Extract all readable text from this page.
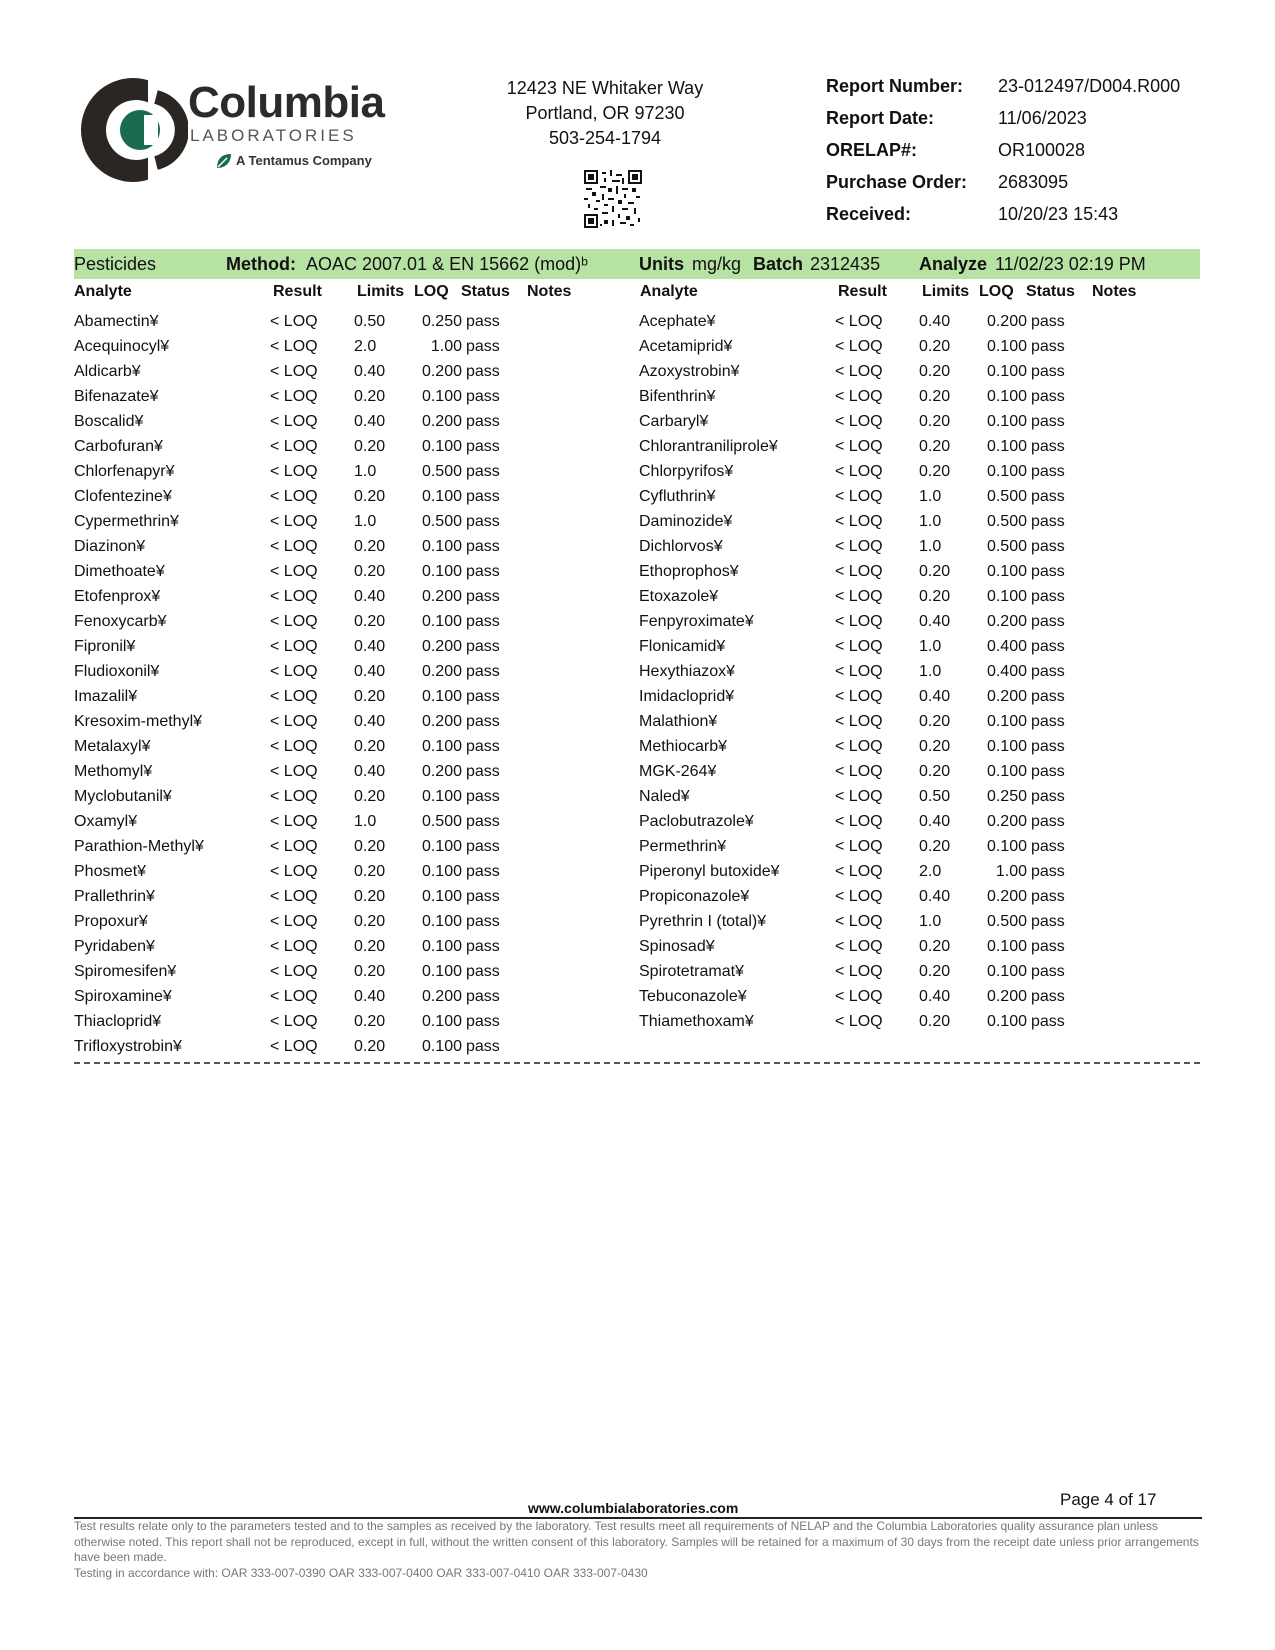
Columbia
LABORATORIES
A Tentamus Company
12423 NE Whitaker Way
Portland, OR 97230
503-254-1794
Report Number:	23-012497/D004.R000
Report Date:	11/06/2023
ORELAP#:	OR100028
Purchase Order:	2683095
Received:	10/20/23 15:43
Pesticides	Method: AOAC 2007.01 & EN 15662 (mod)ᵇ	Units mg/kg Batch 2312435 Analyze 11/02/23 02:19 PM
Analyte	Result Limits LOQ Status Notes	Analyte	Result Limits LOQ Status Notes
Abamectin¥	< LOQ 0.50	0.250 pass	Acephate¥	< LOQ 0.40	0.200 pass
Acequinocyl¥	< LOQ 2.0	1.00 pass	Acetamiprid¥	< LOQ 0.20	0.100 pass
Aldicarb¥	< LOQ 0.40	0.200 pass	Azoxystrobin¥	< LOQ 0.20	0.100 pass
Bifenazate¥	< LOQ 0.20	0.100 pass	Bifenthrin¥	< LOQ 0.20	0.100 pass
Boscalid¥	< LOQ 0.40	0.200 pass	Carbaryl¥	< LOQ 0.20	0.100 pass
Carbofuran¥	< LOQ 0.20	0.100 pass	Chlorantraniliprole¥	< LOQ 0.20	0.100 pass
Chlorfenapyr¥	< LOQ 1.0	0.500 pass	Chlorpyrifos¥	< LOQ 0.20	0.100 pass
Clofentezine¥	< LOQ 0.20	0.100 pass	Cyfluthrin¥	< LOQ 1.0	0.500 pass
Cypermethrin¥	< LOQ 1.0	0.500 pass	Daminozide¥	< LOQ 1.0	0.500 pass
Diazinon¥	< LOQ 0.20	0.100 pass	Dichlorvos¥	< LOQ 1.0	0.500 pass
Dimethoate¥	< LOQ 0.20	0.100 pass	Ethoprophos¥	< LOQ 0.20	0.100 pass
Etofenprox¥	< LOQ 0.40	0.200 pass	Etoxazole¥	< LOQ 0.20	0.100 pass
Fenoxycarb¥	< LOQ 0.20	0.100 pass	Fenpyroximate¥	< LOQ 0.40	0.200 pass
Fipronil¥	< LOQ 0.40	0.200 pass	Flonicamid¥	< LOQ 1.0	0.400 pass
Fludioxonil¥	< LOQ 0.40	0.200 pass	Hexythiazox¥	< LOQ 1.0	0.400 pass
Imazalil¥	< LOQ 0.20	0.100 pass	Imidacloprid¥	< LOQ 0.40	0.200 pass
Kresoxim-methyl¥	< LOQ 0.40	0.200 pass	Malathion¥	< LOQ 0.20	0.100 pass
Metalaxyl¥	< LOQ 0.20	0.100 pass	Methiocarb¥	< LOQ 0.20	0.100 pass
Methomyl¥	< LOQ 0.40	0.200 pass	MGK-264¥	< LOQ 0.20	0.100 pass
Myclobutanil¥	< LOQ 0.20	0.100 pass	Naled¥	< LOQ 0.50	0.250 pass
Oxamyl¥	< LOQ 1.0	0.500 pass	Paclobutrazole¥	< LOQ 0.40	0.200 pass
Parathion-Methyl¥	< LOQ 0.20	0.100 pass	Permethrin¥	< LOQ 0.20	0.100 pass
Phosmet¥	< LOQ 0.20	0.100 pass	Piperonyl butoxide¥	< LOQ 2.0	1.00 pass
Prallethrin¥	< LOQ 0.20	0.100 pass	Propiconazole¥	< LOQ 0.40	0.200 pass
Propoxur¥	< LOQ 0.20	0.100 pass	Pyrethrin I (total)¥	< LOQ 1.0	0.500 pass
Pyridaben¥	< LOQ 0.20	0.100 pass	Spinosad¥	< LOQ 0.20	0.100 pass
Spiromesifen¥	< LOQ 0.20	0.100 pass	Spirotetramat¥	< LOQ 0.20	0.100 pass
Spiroxamine¥	< LOQ 0.40	0.200 pass	Tebuconazole¥	< LOQ 0.40	0.200 pass
Thiacloprid¥	< LOQ 0.20	0.100 pass	Thiamethoxam¥	< LOQ 0.20	0.100 pass
Trifloxystrobin¥	< LOQ 0.20	0.100 pass
Page 4 of 17
www.columbialaboratories.com
Test results relate only to the parameters tested and to the samples as received by the laboratory. Test results meet all requirements of NELAP and the Columbia Laboratories quality assurance plan unless otherwise noted. This report shall not be reproduced, except in full, without the written consent of this laboratory. Samples will be retained for a maximum of 30 days from the receipt date unless prior arrangements have been made.
Testing in accordance with: OAR 333-007-0390 OAR 333-007-0400 OAR 333-007-0410 OAR 333-007-0430
